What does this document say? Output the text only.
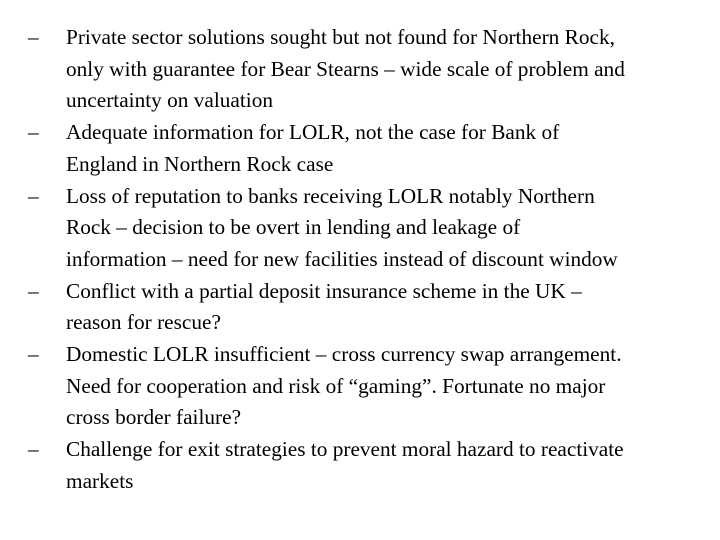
–	Private sector solutions sought but not found for Northern Rock,
only with guarantee for Bear Stearns – wide scale of problem and
uncertainty on valuation
–	Adequate information for LOLR, not the case for Bank of
England in Northern Rock case
–	Loss of reputation to banks receiving LOLR notably Northern
Rock – decision to be overt in lending and leakage of
information – need for new facilities instead of discount window
–	Conflict with a partial deposit insurance scheme in the UK –
reason for rescue?
–	Domestic LOLR insufficient – cross currency swap arrangement.
Need for cooperation and risk of “gaming”. Fortunate no major
cross border failure?
–	Challenge for exit strategies to prevent moral hazard to reactivate
markets
